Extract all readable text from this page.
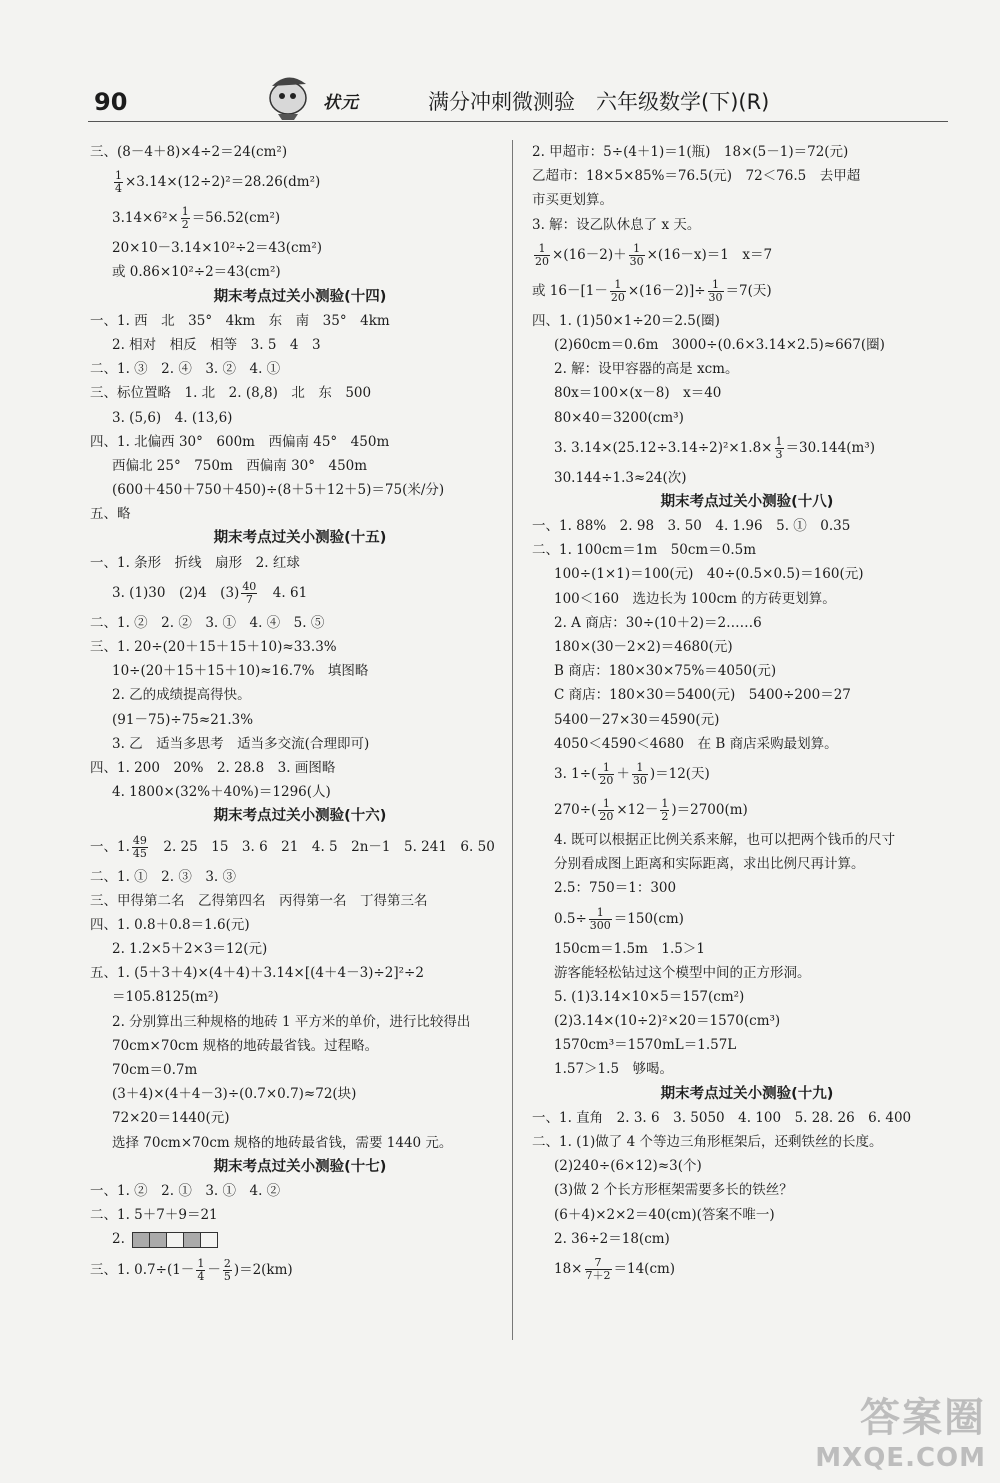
90	状元	满分冲刺微测验　六年级数学(下)(R)
三、(8－4＋8)×4÷2＝24(cm²)
$\frac{1}{4} \times 3.14\times(12\div 2)^2=28.26(dm^2)$
$3.14\times 6^2\times \frac{1}{2} =56.52(cm^2)$
20×10－3.14×10²÷2＝43(cm²)
或 0.86×10²÷2＝43(cm²)
期末考点过关小测验(十四)
一、1. 西　北　35°　4km　东　南　35°　4km
2. 相对　相反　相等　3. 5　4　3
二、1. ③　2. ④　3. ②　4. ①
三、标位置略　1. 北　2. (8,8)　北　东　500
3. (5,6)　4. (13,6)
四、1. 北偏西 30°　600m　西偏南 45°　450m
西偏北 25°　750m　西偏南 30°　450m
(600＋450＋750＋450)÷(8＋5＋12＋5)＝75(米/分)
五、略
期末考点过关小测验(十五)
一、1. 条形　折线　扇形　2. 红球
3. (1)30　(2)4　$(3) \frac{40}{7}$ 　4. 61
二、1. ②　2. ②　3. ①　4. ④　5. ⑤
三、1. 20÷(20＋15＋15＋10)≈33.3%
10÷(20＋15＋15＋10)≈16.7%　填图略
2. 乙的成绩提高得快。
(91－75)÷75≈21.3%
3. 乙　适当多思考　适当多交流(合理即可)
四、1. 200　20%　2. 28.8　3. 画图略
4. 1800×(32%＋40%)＝1296(人)
期末考点过关小测验(十六)
一、1. $\frac{49}{45}$ 　2. 25　15　3. 6　21　4. 5　2n－1　5. 241　6. 50
二、1. ①　2. ③　3. ③
三、甲得第二名　乙得第四名　丙得第一名　丁得第三名
四、1. 0.8＋0.8＝1.6(元)
2. 1.2×5＋2×3＝12(元)
五、1. (5＋3＋4)×(4＋4)＋3.14×[(4＋4－3)÷2]²÷2
＝105.8125(m²)
2. 分别算出三种规格的地砖 1 平方米的单价，进行比较得出
70cm×70cm 规格的地砖最省钱。过程略。
70cm＝0.7m
(3＋4)×(4＋4－3)÷(0.7×0.7)≈72(块)
72×20＝1440(元)
选择 70cm×70cm 规格的地砖最省钱，需要 1440 元。
期末考点过关小测验(十七)
一、1. ②　2. ①　3. ①　4. ②
二、1. 5＋7＋9＝21
2.
三、1. $0.7\div(1- \frac{1}{4} - \frac{2}{5} )=2(km)$
2. 甲超市：5÷(4＋1)＝1(瓶)　18×(5－1)＝72(元)
乙超市：18×5×85%＝76.5(元)　72＜76.5　去甲超
市买更划算。
3. 解：设乙队休息了 x 天。
$\frac{1}{20} \times(16-2)+ \frac{1}{30} \times(16-x)=1$　x＝7
或 $16-[1- \frac{1}{20} \times(16-2)]\div \frac{1}{30} =7$(天)
四、1. (1)50×1÷20＝2.5(圈)
(2)60cm＝0.6m　3000÷(0.6×3.14×2.5)≈667(圈)
2. 解：设甲容器的高是 xcm。
80x＝100×(x－8)　x＝40
80×40＝3200(cm³)
3. $3.14\times(25.12\div 3.14\div 2)^2\times 1.8\times \frac{1}{3} =30.144(m^3)$
30.144÷1.3≈24(次)
期末考点过关小测验(十八)
一、1. 88%　2. 98　3. 50　4. 1.96　5. ①　0.35
二、1. 100cm＝1m　50cm＝0.5m
100÷(1×1)＝100(元)　40÷(0.5×0.5)＝160(元)
100＜160　选边长为 100cm 的方砖更划算。
2. A 商店：30÷(10＋2)＝2……6
180×(30－2×2)＝4680(元)
B 商店：180×30×75%＝4050(元)
C 商店：180×30＝5400(元)　5400÷200＝27
5400－27×30＝4590(元)
4050＜4590＜4680　在 B 商店采购最划算。
3. $1\div( \frac{1}{20} + \frac{1}{30} )=12$(天)
$270\div( \frac{1}{20} \times 12- \frac{1}{2} )=2700(m)$
4. 既可以根据正比例关系来解，也可以把两个钱币的尺寸
分别看成图上距离和实际距离，求出比例尺再计算。
2.5：750＝1：300
$0.5\div \frac{1}{300} =150(cm)$
150cm＝1.5m　1.5＞1
游客能轻松钻过这个模型中间的正方形洞。
5. (1)3.14×10×5＝157(cm²)
(2)3.14×(10÷2)²×20＝1570(cm³)
1570cm³＝1570mL＝1.57L
1.57＞1.5　够喝。
期末考点过关小测验(十九)
一、1. 直角　2. 3. 6　3. 5050　4. 100　5. 28. 26　6. 400
二、1. (1)做了 4 个等边三角形框架后，还剩铁丝的长度。
(2)240÷(6×12)≈3(个)
(3)做 2 个长方形框架需要多长的铁丝？
(6＋4)×2×2＝40(cm)(答案不唯一)
2. 36÷2＝18(cm)
$18\times \frac{7}{7+2} =14(cm)$
答案圈
MXQE.COM
